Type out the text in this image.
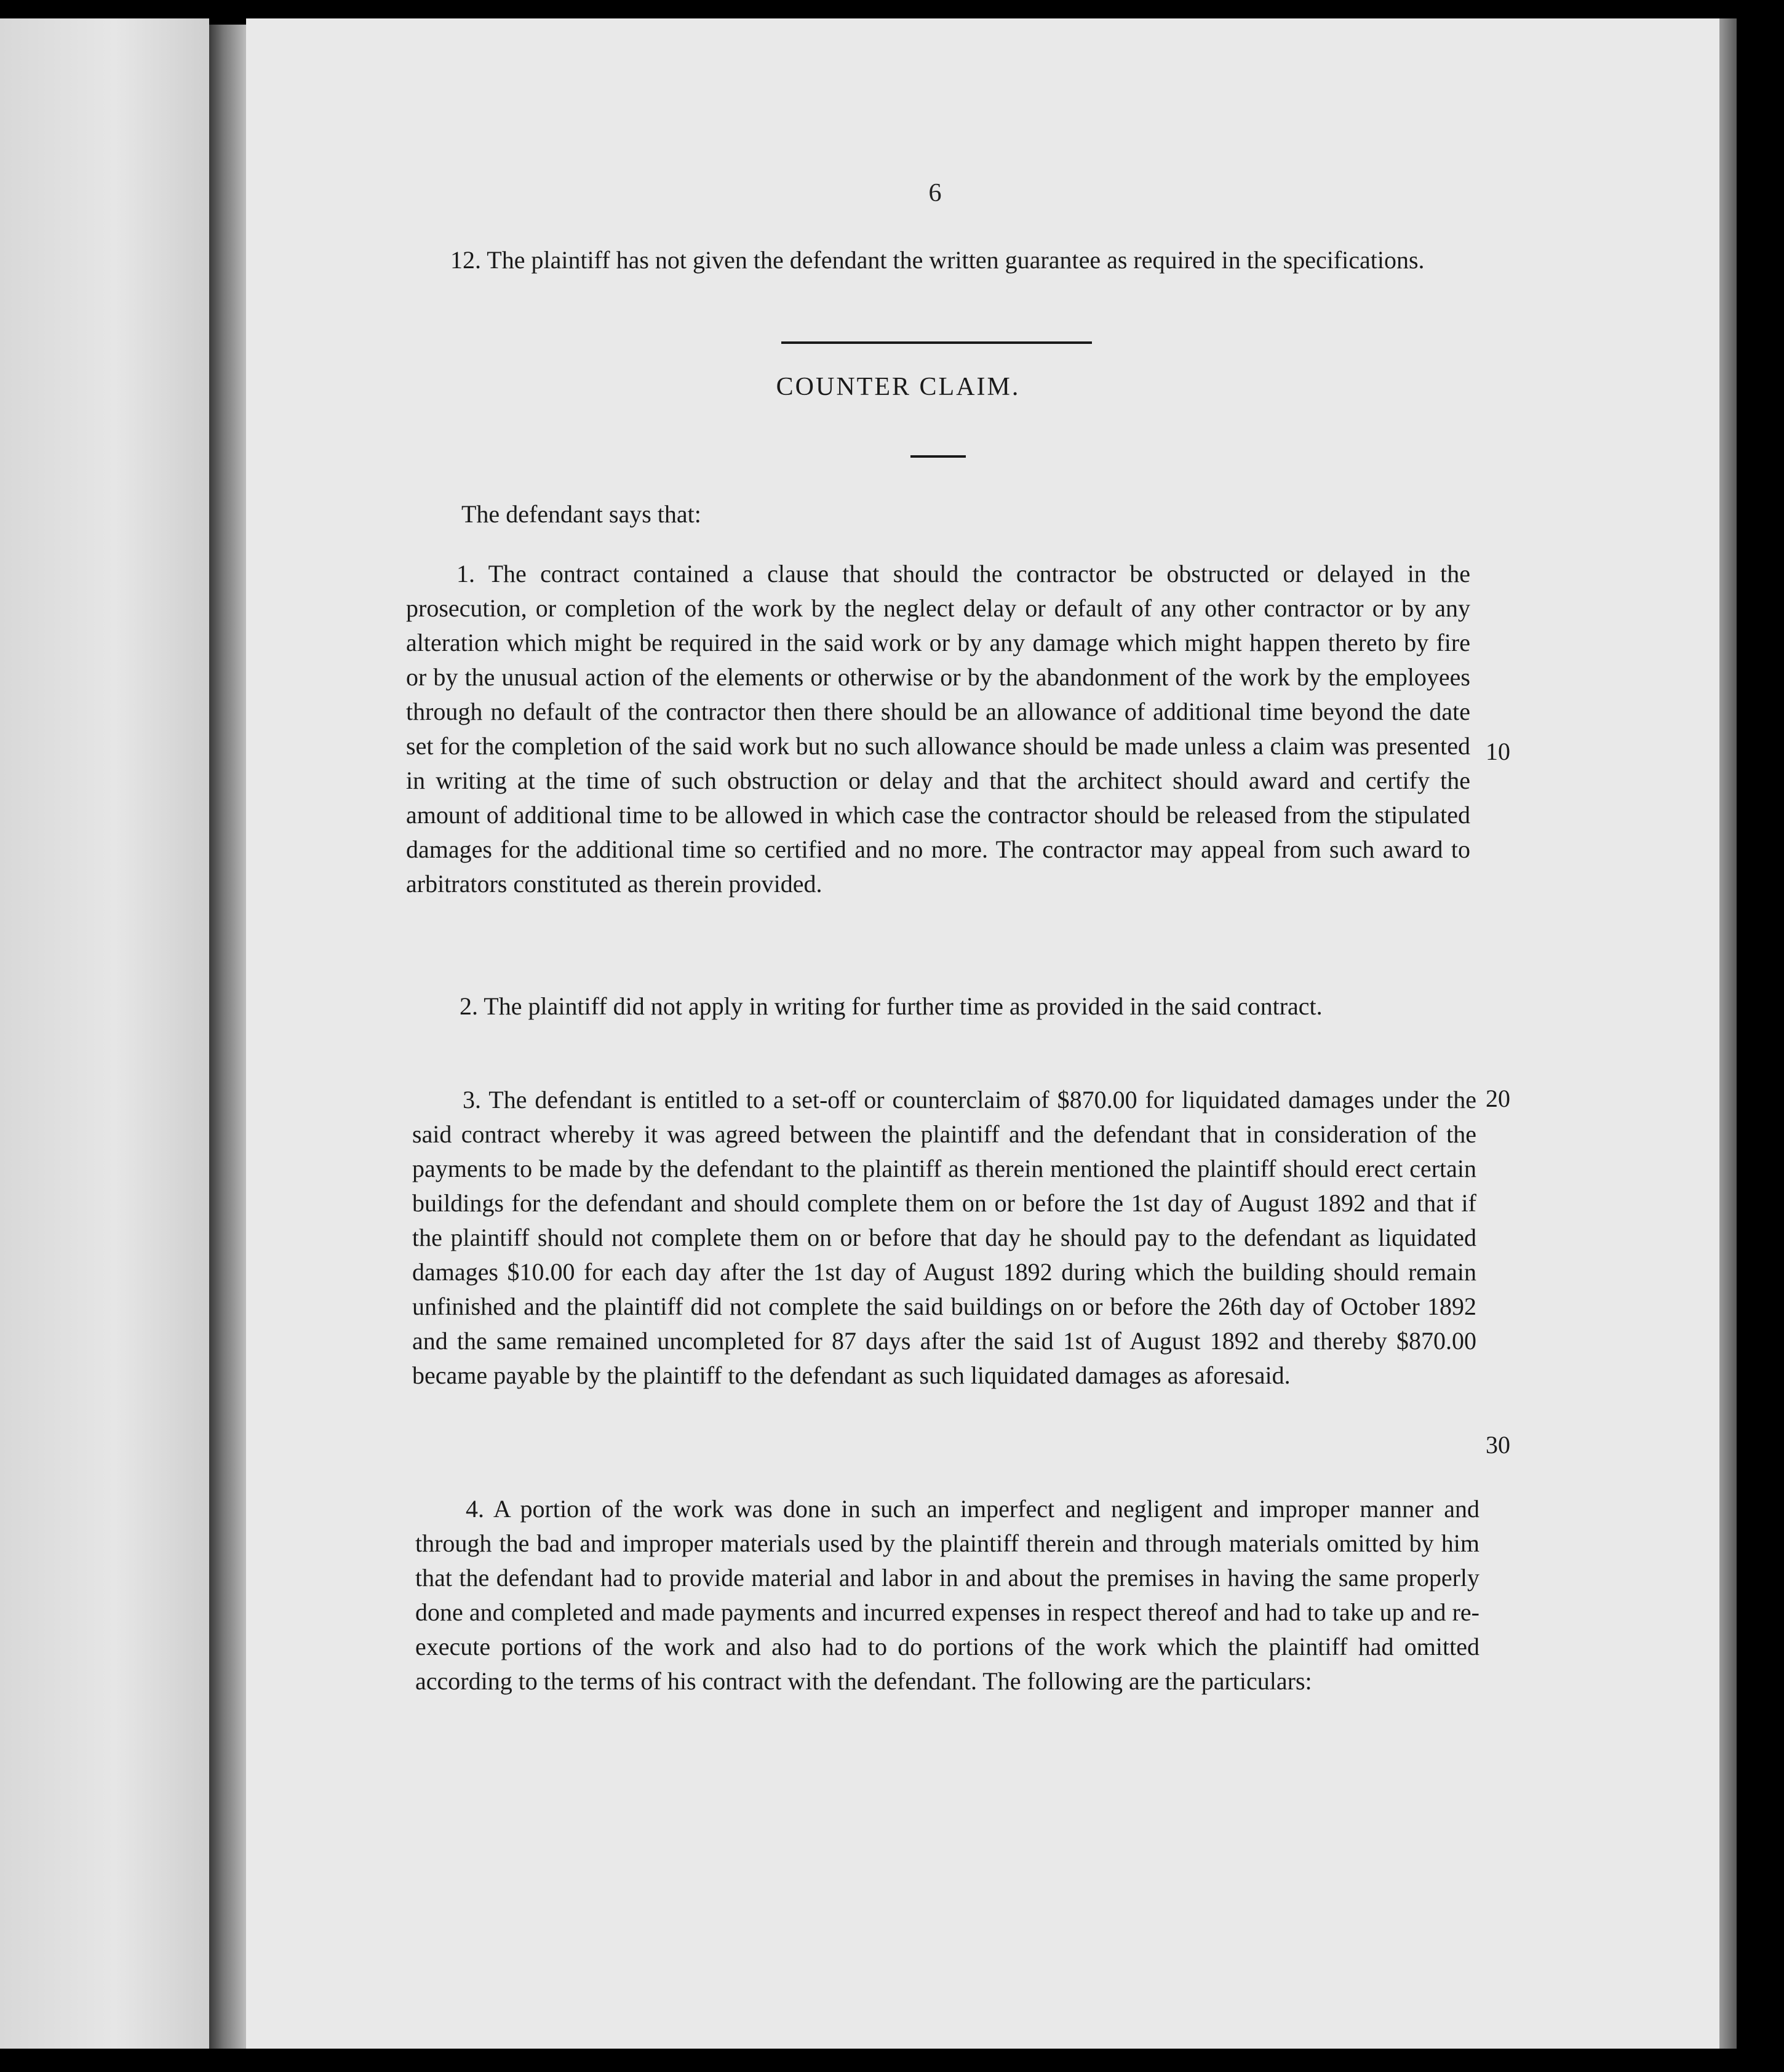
6

12. The plaintiff has not given the defendant the written guarantee as required in the specifications.

COUNTER CLAIM.

The defendant says that:

1. The contract contained a clause that should the contractor be obstructed or delayed in the prosecution, or completion of the work by the neglect delay or default of any other contractor or by any alteration which might be required in the said work or by any damage which might happen thereto by fire or by the unusual action of the elements or otherwise or by the abandonment of the work by the employees through no default of the contractor then there should be an allowance of additional time beyond the date set for the completion of the said work but no such allowance should be made unless a claim was presented in writing at the time of such obstruction or delay and that the architect should award and certify the amount of additional time to be allowed in which case the contractor should be released from the stipulated damages for the additional time so certified and no more. The contractor may appeal from such award to arbitrators constituted as therein provided.

2. The plaintiff did not apply in writing for further time as provided in the said contract.

3. The defendant is entitled to a set-off or counterclaim of $870.00 for liquidated damages under the said contract whereby it was agreed between the plaintiff and the defendant that in consideration of the payments to be made by the defendant to the plaintiff as therein mentioned the plaintiff should erect certain buildings for the defendant and should complete them on or before the 1st day of August 1892 and that if the plaintiff should not complete them on or before that day he should pay to the defendant as liquidated damages $10.00 for each day after the 1st day of August 1892 during which the building should remain unfinished and the plaintiff did not complete the said buildings on or before the 26th day of October 1892 and the same remained uncompleted for 87 days after the said 1st of August 1892 and thereby $870.00 became payable by the plaintiff to the defendant as such liquidated damages as aforesaid.

4. A portion of the work was done in such an imperfect and negligent and improper manner and through the bad and improper materials used by the plaintiff therein and through materials omitted by him that the defendant had to provide material and labor in and about the premises in having the same properly done and completed and made payments and incurred expenses in respect thereof and had to take up and re-execute portions of the work and also had to do portions of the work which the plaintiff had omitted according to the terms of his contract with the defendant. The following are the particulars:

10
20
30
